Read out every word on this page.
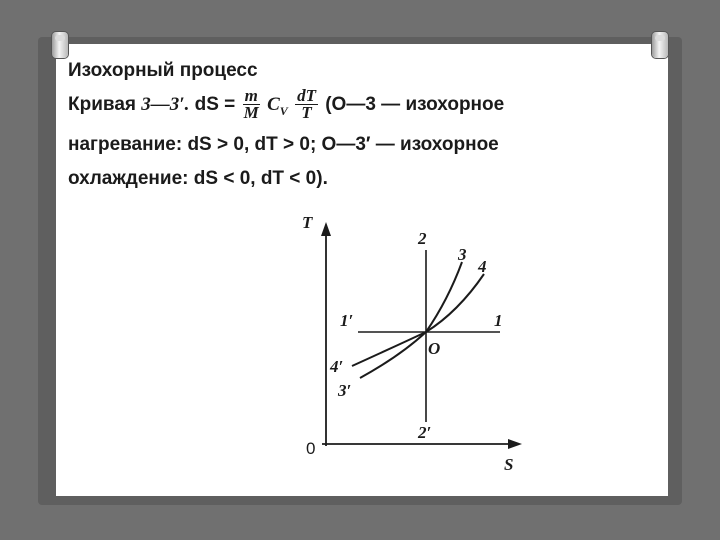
Изохорный процесс
Кривая 3—3′. dS = $\frac{m}{M} C_V \frac{dT}{T}$ (O—3 — изохорное
нагревание: dS > 0, dT > 0; O—3′ — изохорное
охлаждение: dS < 0, dT < 0).
T
S
0
O
1
1′
2
2′
3
3′
4
4′
